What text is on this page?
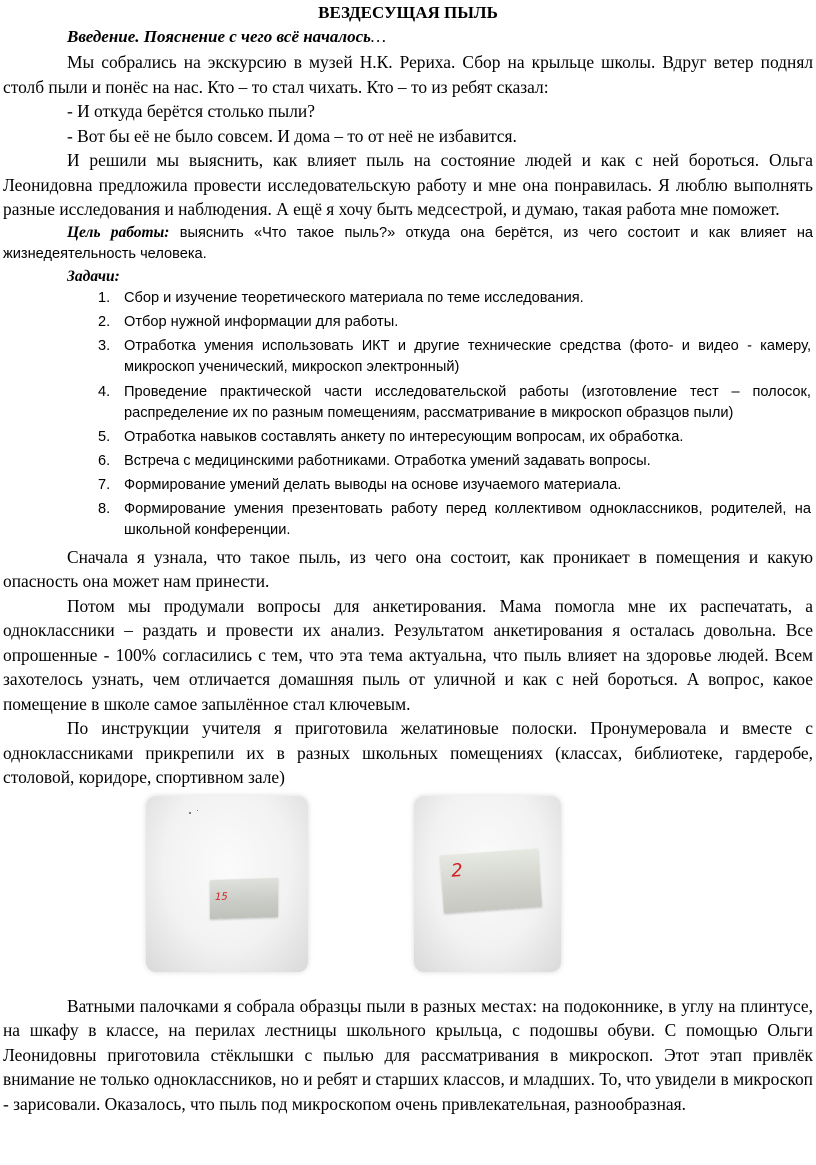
ВЕЗДЕСУЩАЯ ПЫЛЬ

Введение. Пояснение с чего всё началось…

Мы собрались на экскурсию в музей Н.К. Рериха. Сбор на крыльце школы. Вдруг ветер поднял столб пыли и понёс на нас. Кто – то стал чихать. Кто – то из ребят сказал:

- И откуда берётся столько пыли?

- Вот бы её не было совсем. И дома – то от неё не избавится.

И решили мы выяснить, как влияет пыль на состояние людей и как с ней бороться. Ольга Леонидовна предложила провести исследовательскую работу и мне она понравилась. Я люблю выполнять разные исследования и наблюдения. А ещё я хочу быть медсестрой, и думаю, такая работа мне поможет.

Цель работы: выяснить «Что такое пыль?» откуда она берётся, из чего состоит и как влияет на жизнедеятельность человека.

Задачи:

1. Сбор и изучение теоретического материала по теме исследования.
2. Отбор нужной информации для работы.
3. Отработка умения использовать ИКТ и другие технические средства (фото- и видео - камеру, микроскоп ученический, микроскоп электронный)
4. Проведение практической части исследовательской работы (изготовление тест – полосок, распределение их по разным помещениям, рассматривание в микроскоп образцов пыли)
5. Отработка навыков составлять анкету по интересующим вопросам, их обработка.
6. Встреча с медицинскими работниками. Отработка умений задавать вопросы.
7. Формирование умений делать выводы на основе изучаемого материала.
8. Формирование умения презентовать работу перед коллективом одноклассников, родителей, на школьной конференции.

Сначала я узнала, что такое пыль, из чего она состоит, как проникает в помещения и какую опасность она может нам принести.

Потом мы продумали вопросы для анкетирования. Мама помогла мне их распечатать, а одноклассники – раздать и провести их анализ. Результатом анкетирования я осталась довольна. Все опрошенные - 100% согласились с тем, что эта тема актуальна, что пыль влияет на здоровье людей. Всем захотелось узнать, чем отличается домашняя пыль от уличной и как с ней бороться. А вопрос, какое помещение в школе самое запылённое стал ключевым.

По инструкции учителя я приготовила желатиновые полоски. Пронумеровала и вместе с одноклассниками прикрепили их в разных школьных помещениях (классах, библиотеке, гардеробе, столовой, коридоре, спортивном зале)

15
2

Ватными палочками я собрала образцы пыли в разных местах: на подоконнике, в углу на плинтусе, на шкафу в классе, на перилах лестницы школьного крыльца, с подошвы обуви. С помощью Ольги Леонидовны приготовила стёклышки с пылью для рассматривания в микроскоп. Этот этап привлёк внимание не только одноклассников, но и ребят и старших классов, и младших. То, что увидели в микроскоп - зарисовали. Оказалось, что пыль под микроскопом очень привлекательная, разнообразная.
